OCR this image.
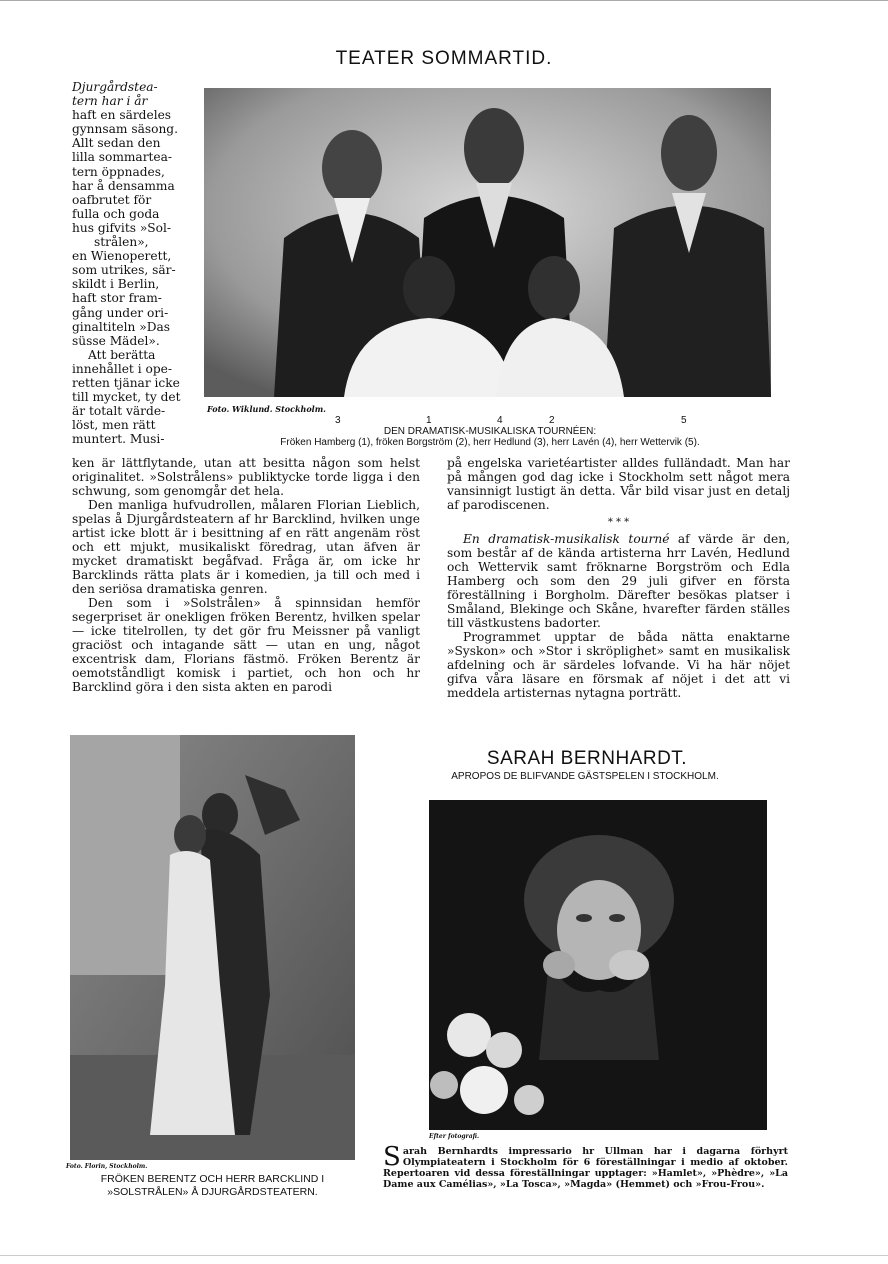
TEATER SOMMARTID.
Djurgårdstea-
tern har i år
haft en särdeles
gynnsam säsong.
Allt sedan den
lilla sommartea-
tern öppnades,
har å densamma
oafbrutet för
fulla och goda
hus gifvits »Sol-
strålen»,
en Wienoperett,
som utrikes, sär-
skildt i Berlin,
haft stor fram-
gång under ori-
ginaltiteln »Das
süsse Mädel».
Att berätta
innehållet i ope-
retten tjänar icke
till mycket, ty det
är totalt värde-
löst, men rätt
muntert. Musi-
Foto. Wiklund. Stockholm.
3	1	4	2	5
DEN DRAMATISK-MUSIKALISKA TOURNÉEN:
Fröken Hamberg (1), fröken Borgström (2), herr Hedlund (3), herr Lavén (4), herr Wettervik (5).

ken är lättflytande, utan att besitta någon som helst originalitet. »Solstrålens» publiktycke torde ligga i den schwung, som genomgår det hela.

Den manliga hufvudrollen, målaren Florian Lieblich, spelas å Djurgårdsteatern af hr Barcklind, hvilken unge artist icke blott är i besittning af en rätt angenäm röst och ett mjukt, musikaliskt föredrag, utan äfven är mycket dramatiskt begåfvad. Fråga är, om icke hr Barcklinds rätta plats är i komedien, ja till och med i den seriösa dramatiska genren.

Den som i »Solstrålen» å spinnsidan hemför segerpriset är onekligen fröken Berentz, hvilken spelar — icke titelrollen, ty det gör fru Meissner på vanligt graciöst och intagande sätt — utan en ung, något excentrisk dam, Florians fästmö. Fröken Berentz är oemotståndligt komisk i partiet, och hon och hr Barcklind göra i den sista akten en parodi

på engelska varietéartister alldes fulländadt. Man har på mången god dag icke i Stockholm sett något mera vansinnigt lustigt än detta. Vår bild visar just en detalj af parodiscenen.

* * *

En dramatisk-musikalisk tourné af värde är den, som består af de kända artisterna hrr Lavén, Hedlund och Wettervik samt fröknarne Borgström och Edla Hamberg och som den 29 juli gifver en första föreställning i Borgholm. Därefter besökas platser i Småland, Blekinge och Skåne, hvarefter färden ställes till västkustens badorter.

Programmet upptar de båda nätta enaktarne »Syskon» och »Stor i skröplighet» samt en musikalisk afdelning och är särdeles lofvande. Vi ha här nöjet gifva våra läsare en försmak af nöjet i det att vi meddela artisternas nytagna porträtt.

Foto. Florin, Stockholm.
FRÖKEN BERENTZ OCH HERR BARCKLIND I
»SOLSTRÅLEN» Å DJURGÅRDSTEATERN.
SARAH BERNHARDT.
APROPOS DE BLIFVANDE GÄSTSPELEN I STOCKHOLM.
Efter fotografi.
Sarah Bernhardts impressario hr Ullman har i dagarna förhyrt Olympiateatern i Stockholm för 6 föreställningar i medio af oktober. Repertoaren vid dessa föreställningar upptager: »Hamlet», »Phèdre», »La Dame aux Camélias», »La Tosca», »Magda» (Hemmet) och »Frou-Frou».
